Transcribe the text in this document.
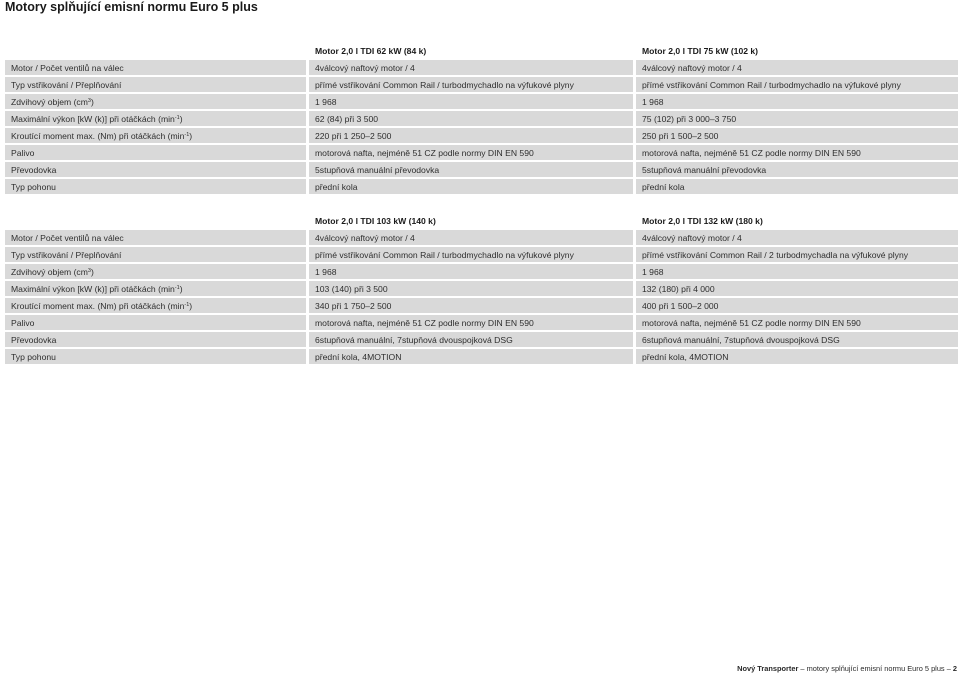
Motory splňující emisní normu Euro 5 plus
	Motor 2,0 l TDI 62 kW (84 k)	Motor 2,0 l TDI 75 kW (102 k)
Motor / Počet ventilů na válec	4válcový naftový motor / 4	4válcový naftový motor / 4
Typ vstřikování / Přeplňování	přímé vstřikování Common Rail / turbodmychadlo na výfukové plyny	přímé vstřikování Common Rail / turbodmychadlo na výfukové plyny
Zdvihový objem $(cm^3)$	1 968	1 968
Maximální výkon [kW (k)] při otáčkách $(\min^{-1})$	62 (84) při 3 500	75 (102) při 3 000–3 750
Kroutící moment max. (Nm) při otáčkách $(\min^{-1})$	220 při 1 250–2 500	250 při 1 500–2 500
Palivo	motorová nafta, nejméně 51 CZ podle normy DIN EN 590	motorová nafta, nejméně 51 CZ podle normy DIN EN 590
Převodovka	5stupňová manuální převodovka	5stupňová manuální převodovka
Typ pohonu	přední kola	přední kola
	Motor 2,0 l TDI 103 kW (140 k)	Motor 2,0 l TDI 132 kW (180 k)
Motor / Počet ventilů na válec	4válcový naftový motor / 4	4válcový naftový motor / 4
Typ vstřikování / Přeplňování	přímé vstřikování Common Rail / turbodmychadlo na výfukové plyny	přímé vstřikování Common Rail / 2 turbodmychadla na výfukové plyny
Zdvihový objem $(cm^3)$	1 968	1 968
Maximální výkon [kW (k)] při otáčkách $(\min^{-1})$	103 (140) při 3 500	132 (180) při 4 000
Kroutící moment max. (Nm) při otáčkách $(\min^{-1})$	340 při 1 750–2 500	400 při 1 500–2 000
Palivo	motorová nafta, nejméně 51 CZ podle normy DIN EN 590	motorová nafta, nejméně 51 CZ podle normy DIN EN 590
Převodovka	6stupňová manuální, 7stupňová dvouspojková DSG	6stupňová manuální, 7stupňová dvouspojková DSG
Typ pohonu	přední kola, 4MOTION	přední kola, 4MOTION
Nový Transporter – motory splňující emisní normu Euro 5 plus – 2
